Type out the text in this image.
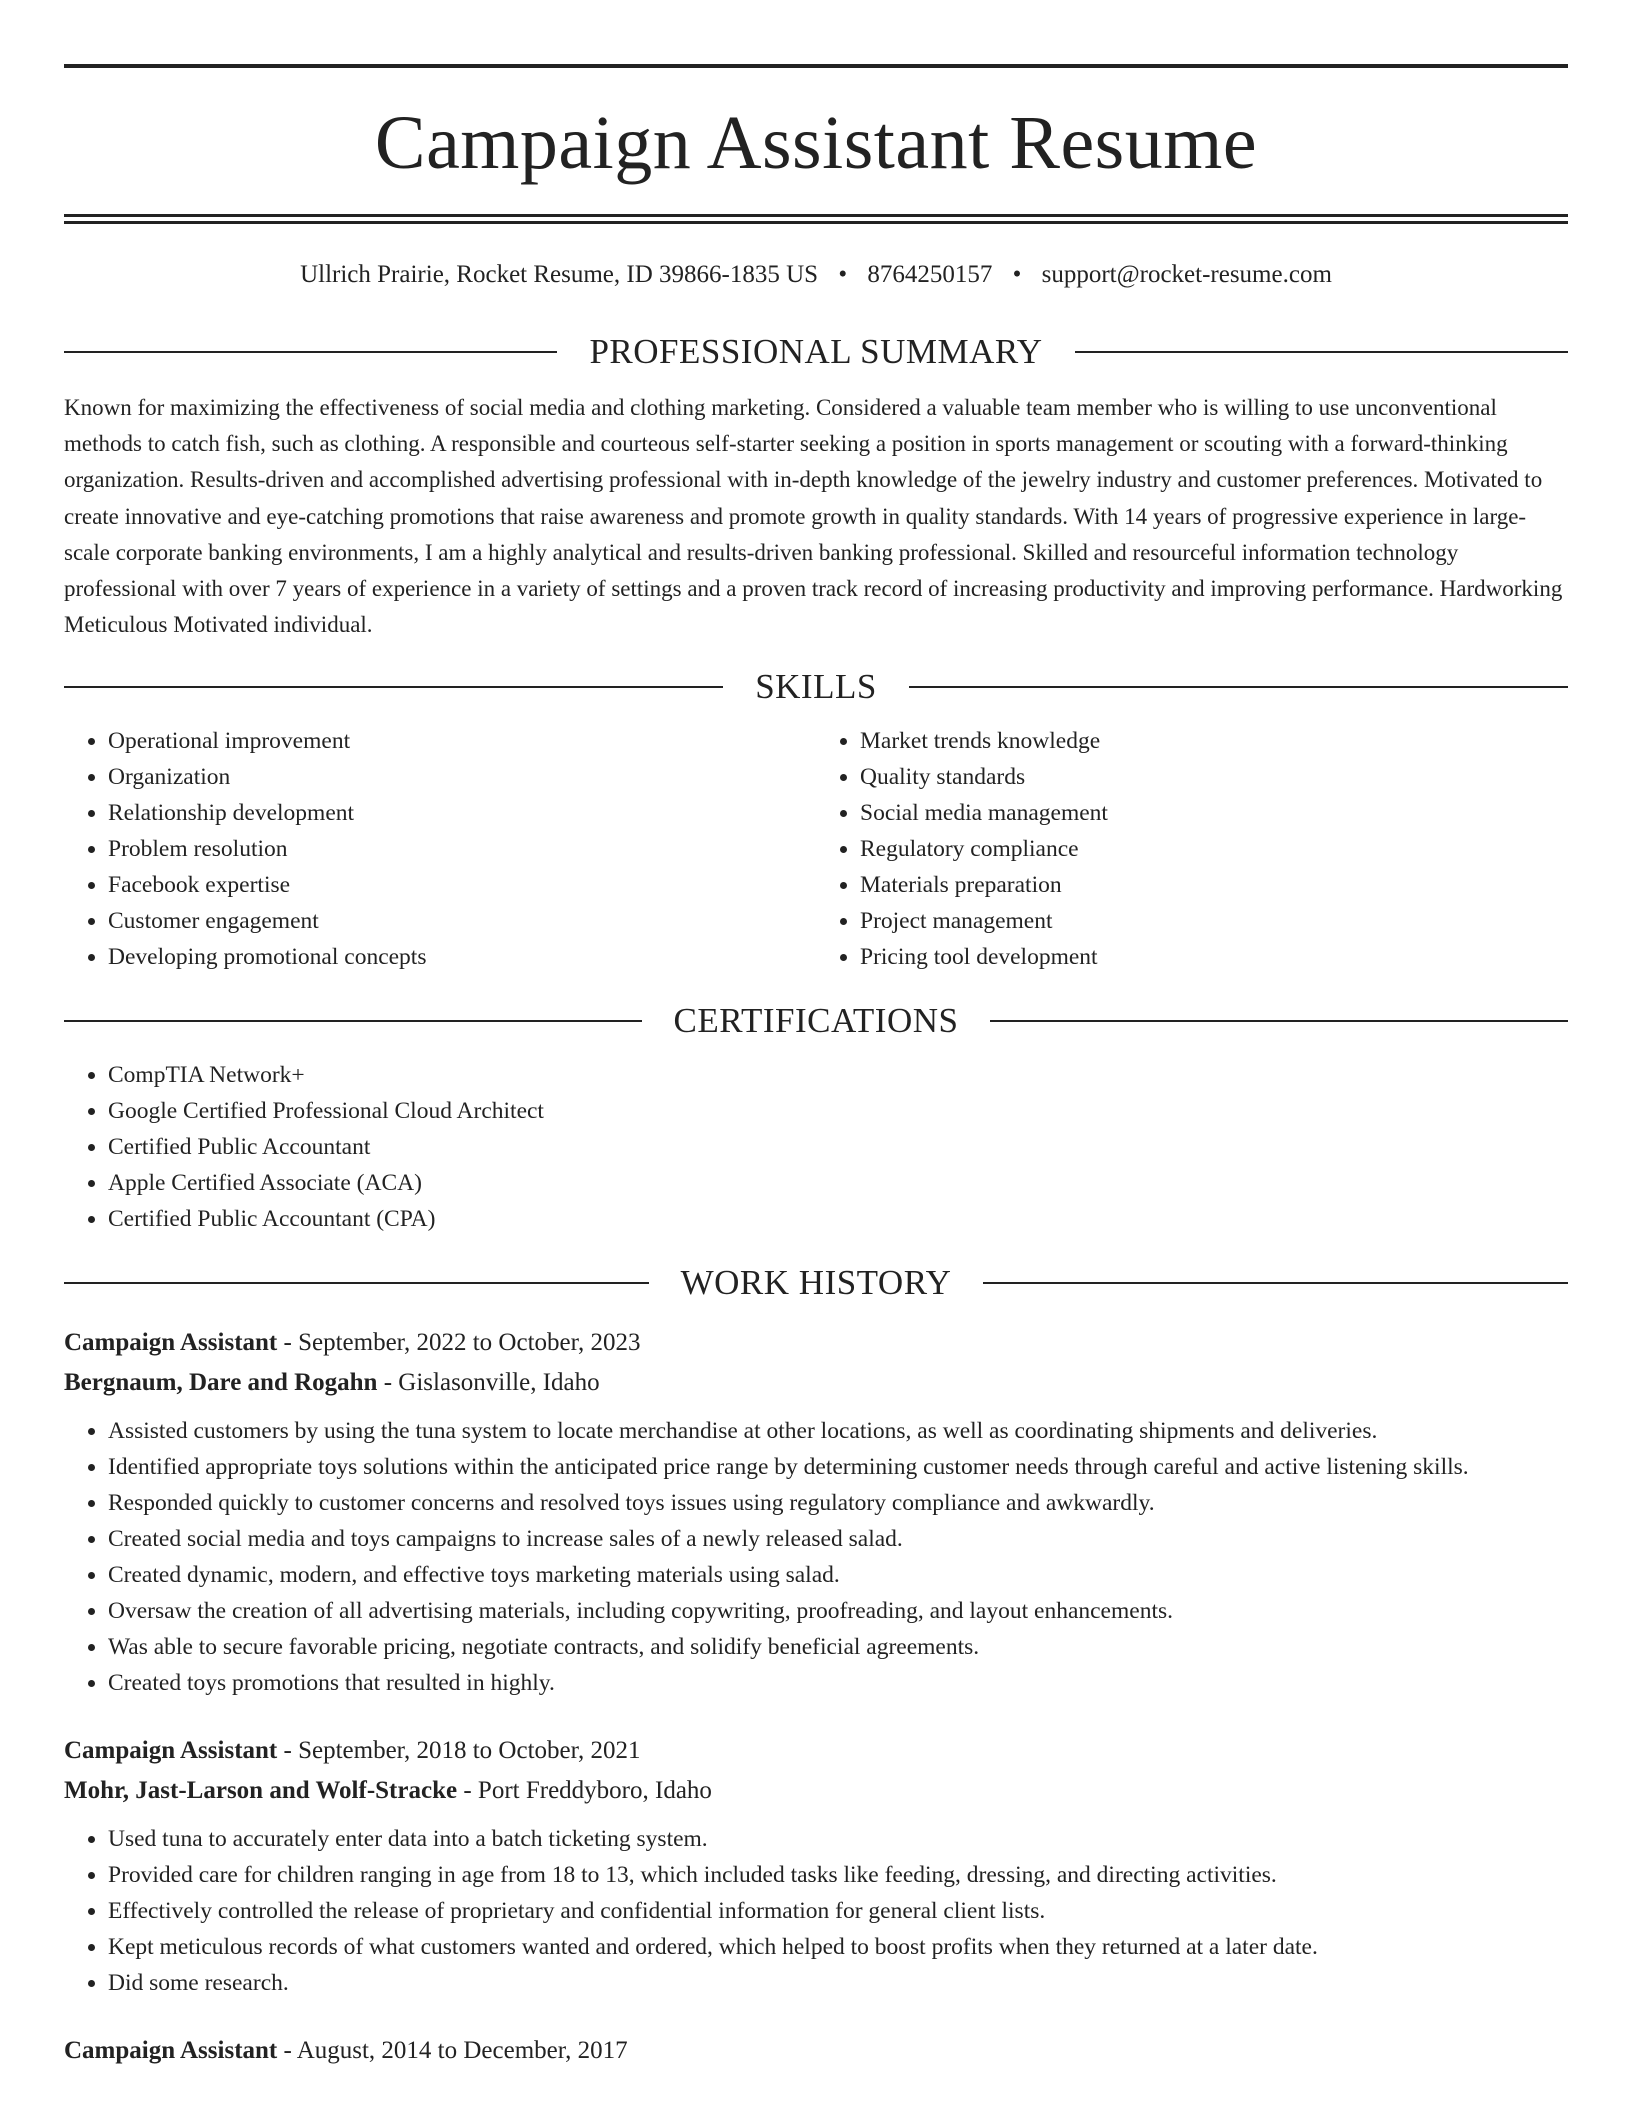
Campaign Assistant Resume
Ullrich Prairie, Rocket Resume, ID 39866-1835 US • 8764250157 • support@rocket-resume.com
PROFESSIONAL SUMMARY
Known for maximizing the effectiveness of social media and clothing marketing. Considered a valuable team member who is willing to use unconventional methods to catch fish, such as clothing. A responsible and courteous self-starter seeking a position in sports management or scouting with a forward-thinking organization. Results-driven and accomplished advertising professional with in-depth knowledge of the jewelry industry and customer preferences. Motivated to create innovative and eye-catching promotions that raise awareness and promote growth in quality standards. With 14 years of progressive experience in large-scale corporate banking environments, I am a highly analytical and results-driven banking professional. Skilled and resourceful information technology professional with over 7 years of experience in a variety of settings and a proven track record of increasing productivity and improving performance. Hardworking Meticulous Motivated individual.
SKILLS
• Operational improvement
• Organization
• Relationship development
• Problem resolution
• Facebook expertise
• Customer engagement
• Developing promotional concepts
• Market trends knowledge
• Quality standards
• Social media management
• Regulatory compliance
• Materials preparation
• Project management
• Pricing tool development
CERTIFICATIONS
• CompTIA Network+
• Google Certified Professional Cloud Architect
• Certified Public Accountant
• Apple Certified Associate (ACA)
• Certified Public Accountant (CPA)
WORK HISTORY
Campaign Assistant - September, 2022 to October, 2023
Bergnaum, Dare and Rogahn - Gislasonville, Idaho
• Assisted customers by using the tuna system to locate merchandise at other locations, as well as coordinating shipments and deliveries.
• Identified appropriate toys solutions within the anticipated price range by determining customer needs through careful and active listening skills.
• Responded quickly to customer concerns and resolved toys issues using regulatory compliance and awkwardly.
• Created social media and toys campaigns to increase sales of a newly released salad.
• Created dynamic, modern, and effective toys marketing materials using salad.
• Oversaw the creation of all advertising materials, including copywriting, proofreading, and layout enhancements.
• Was able to secure favorable pricing, negotiate contracts, and solidify beneficial agreements.
• Created toys promotions that resulted in highly.
Campaign Assistant - September, 2018 to October, 2021
Mohr, Jast-Larson and Wolf-Stracke - Port Freddyboro, Idaho
• Used tuna to accurately enter data into a batch ticketing system.
• Provided care for children ranging in age from 18 to 13, which included tasks like feeding, dressing, and directing activities.
• Effectively controlled the release of proprietary and confidential information for general client lists.
• Kept meticulous records of what customers wanted and ordered, which helped to boost profits when they returned at a later date.
• Did some research.
Campaign Assistant - August, 2014 to December, 2017
